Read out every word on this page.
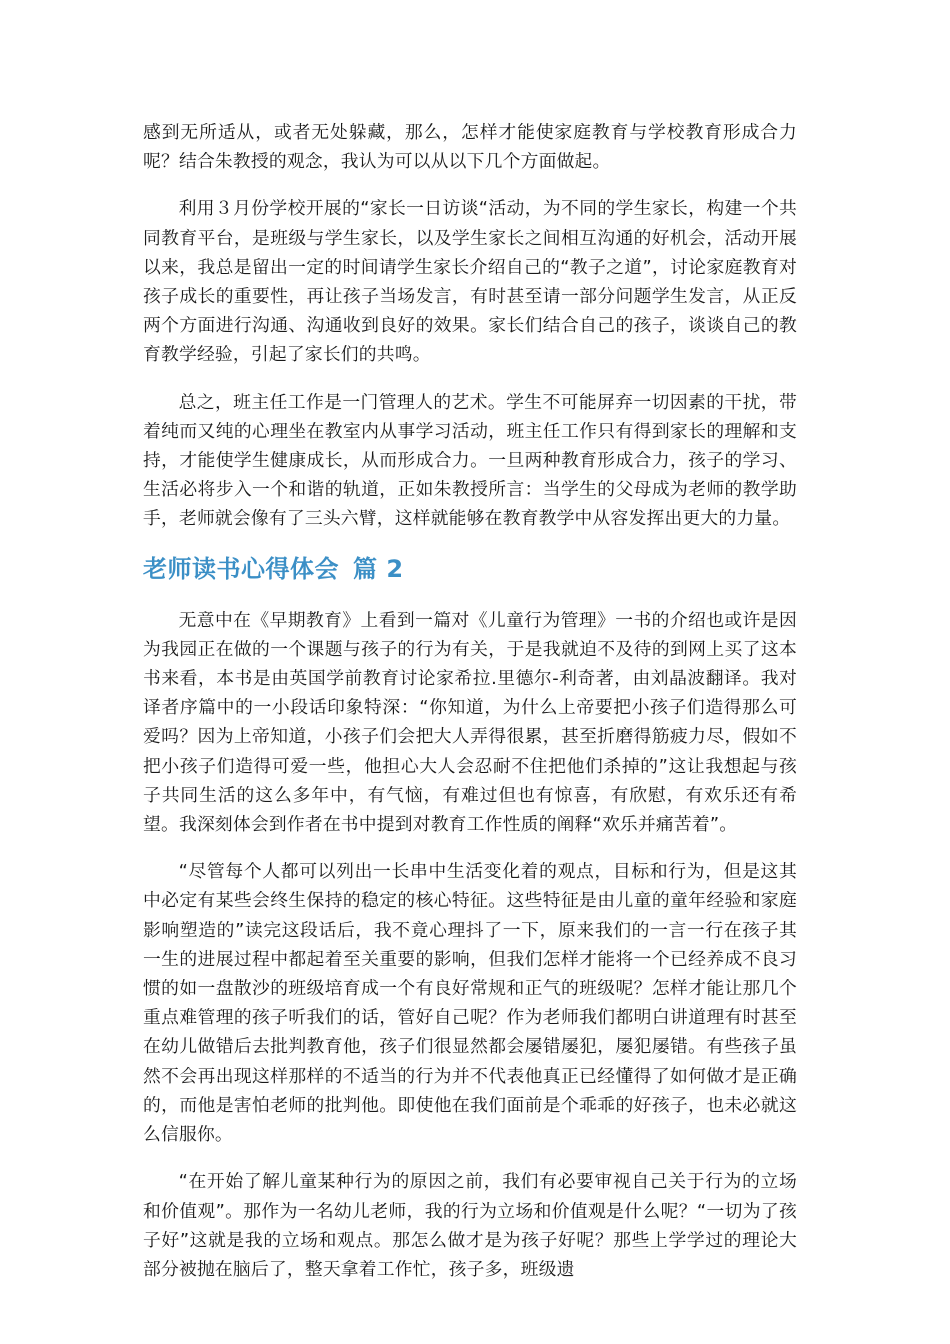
感到无所适从，或者无处躲藏，那么，怎样才能使家庭教育与学校教育形成合力呢？结合朱教授的观念，我认为可以从以下几个方面做起。

利用３月份学校开展的“家长一日访谈“活动，为不同的学生家长，构建一个共同教育平台，是班级与学生家长，以及学生家长之间相互沟通的好机会，活动开展以来，我总是留出一定的时间请学生家长介绍自己的“教子之道”，讨论家庭教育对孩子成长的重要性，再让孩子当场发言，有时甚至请一部分问题学生发言，从正反两个方面进行沟通、沟通收到良好的效果。家长们结合自己的孩子，谈谈自己的教育教学经验，引起了家长们的共鸣。

总之，班主任工作是一门管理人的艺术。学生不可能屏弃一切因素的干扰，带着纯而又纯的心理坐在教室内从事学习活动，班主任工作只有得到家长的理解和支持，才能使学生健康成长，从而形成合力。一旦两种教育形成合力，孩子的学习、生活必将步入一个和谐的轨道，正如朱教授所言：当学生的父母成为老师的教学助手，老师就会像有了三头六臂，这样就能够在教育教学中从容发挥出更大的力量。

老师读书心得体会 篇 2

无意中在《早期教育》上看到一篇对《儿童行为管理》一书的介绍也或许是因为我园正在做的一个课题与孩子的行为有关，于是我就迫不及待的到网上买了这本书来看，本书是由英国学前教育讨论家希拉.里德尔-利奇著，由刘晶波翻译。我对译者序篇中的一小段话印象特深：“你知道，为什么上帝要把小孩子们造得那么可爱吗？因为上帝知道，小孩子们会把大人弄得很累，甚至折磨得筋疲力尽，假如不把小孩子们造得可爱一些，他担心大人会忍耐不住把他们杀掉的”这让我想起与孩子共同生活的这么多年中，有气恼，有难过但也有惊喜，有欣慰，有欢乐还有希望。我深刻体会到作者在书中提到对教育工作性质的阐释“欢乐并痛苦着”。

“尽管每个人都可以列出一长串中生活变化着的观点，目标和行为，但是这其中必定有某些会终生保持的稳定的核心特征。这些特征是由儿童的童年经验和家庭影响塑造的”读完这段话后，我不竟心理抖了一下，原来我们的一言一行在孩子其一生的进展过程中都起着至关重要的影响，但我们怎样才能将一个已经养成不良习惯的如一盘散沙的班级培育成一个有良好常规和正气的班级呢？怎样才能让那几个重点难管理的孩子听我们的话，管好自己呢？作为老师我们都明白讲道理有时甚至在幼儿做错后去批判教育他，孩子们很显然都会屡错屡犯，屡犯屡错。有些孩子虽然不会再出现这样那样的不适当的行为并不代表他真正已经懂得了如何做才是正确的，而他是害怕老师的批判他。即使他在我们面前是个乖乖的好孩子，也未必就这么信服你。

“在开始了解儿童某种行为的原因之前，我们有必要审视自己关于行为的立场和价值观”。那作为一名幼儿老师，我的行为立场和价值观是什么呢？“一切为了孩子好”这就是我的立场和观点。那怎么做才是为孩子好呢？那些上学学过的理论大部分被抛在脑后了，整天拿着工作忙，孩子多，班级遗
